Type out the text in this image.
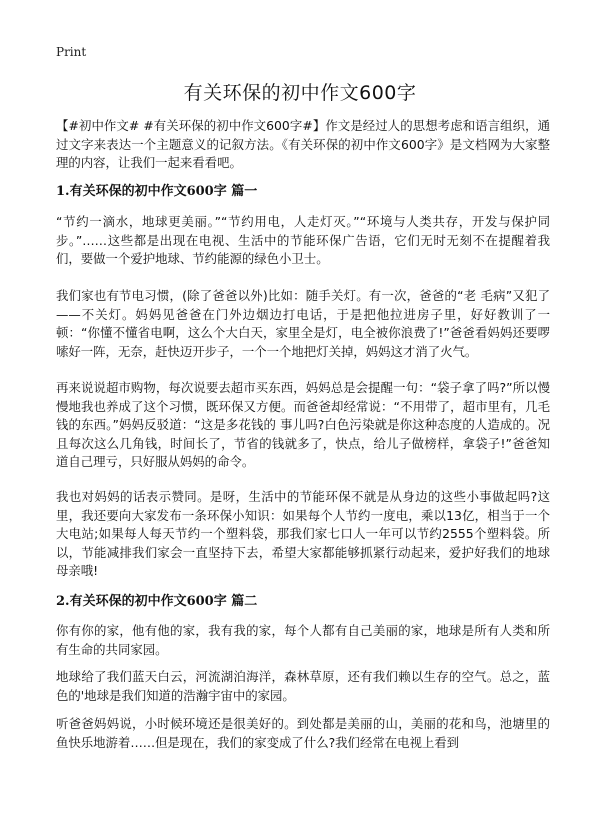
Print
有关环保的初中作文600字
【#初中作文# #有关环保的初中作文600字#】作文是经过人的思想考虑和语言组织，通过文字来表达一个主题意义的记叙方法。《有关环保的初中作文600字》是文档网为大家整理的内容，让我们一起来看看吧。
1.有关环保的初中作文600字 篇一
“节约一滴水，地球更美丽。”“节约用电，人走灯灭。”“环境与人类共存，开发与保护同步。”……这些都是出现在电视、生活中的节能环保广告语，它们无时无刻不在提醒着我们，要做一个爱护地球、节约能源的绿色小卫士。
我们家也有节电习惯，(除了爸爸以外)比如：随手关灯。有一次，爸爸的“老 毛病”又犯了——不关灯。妈妈见爸爸在门外边烟边打电话，于是把他拉进房子里，好好教训了一顿：“你懂不懂省电啊，这么个大白天，家里全是灯，电全被你浪费了!”爸爸看妈妈还要啰嗦好一阵，无奈，赶快迈开步子，一个一个地把灯关掉，妈妈这才消了火气。
再来说说超市购物，每次说要去超市买东西，妈妈总是会提醒一句：“袋子拿了吗?”所以慢慢地我也养成了这个习惯，既环保又方便。而爸爸却经常说：“不用带了，超市里有，几毛钱的东西。”妈妈反驳道：“这是多花钱的 事儿吗?白色污染就是你这种态度的人造成的。况且每次这么几角钱，时间长了，节省的钱就多了，快点，给儿子做榜样，拿袋子!”爸爸知道自己理亏，只好服从妈妈的命令。
我也对妈妈的话表示赞同。是呀，生活中的节能环保不就是从身边的这些小事做起吗?这里，我还要向大家发布一条环保小知识：如果每个人节约一度电，乘以13亿，相当于一个大电站;如果每人每天节约一个塑料袋，那我们家七口人一年可以节约2555个塑料袋。所以，节能减排我们家会一直坚持下去，希望大家都能够抓紧行动起来，爱护好我们的地球母亲哦!
2.有关环保的初中作文600字 篇二
你有你的家，他有他的家，我有我的家，每个人都有自己美丽的家，地球是所有人类和所有生命的共同家园。
地球给了我们蓝天白云，河流湖泊海洋，森林草原，还有我们赖以生存的空气。总之，蓝色的'地球是我们知道的浩瀚宇宙中的家园。
听爸爸妈妈说，小时候环境还是很美好的。到处都是美丽的山，美丽的花和鸟，池塘里的鱼快乐地游着……但是现在，我们的家变成了什么?我们经常在电视上看到
